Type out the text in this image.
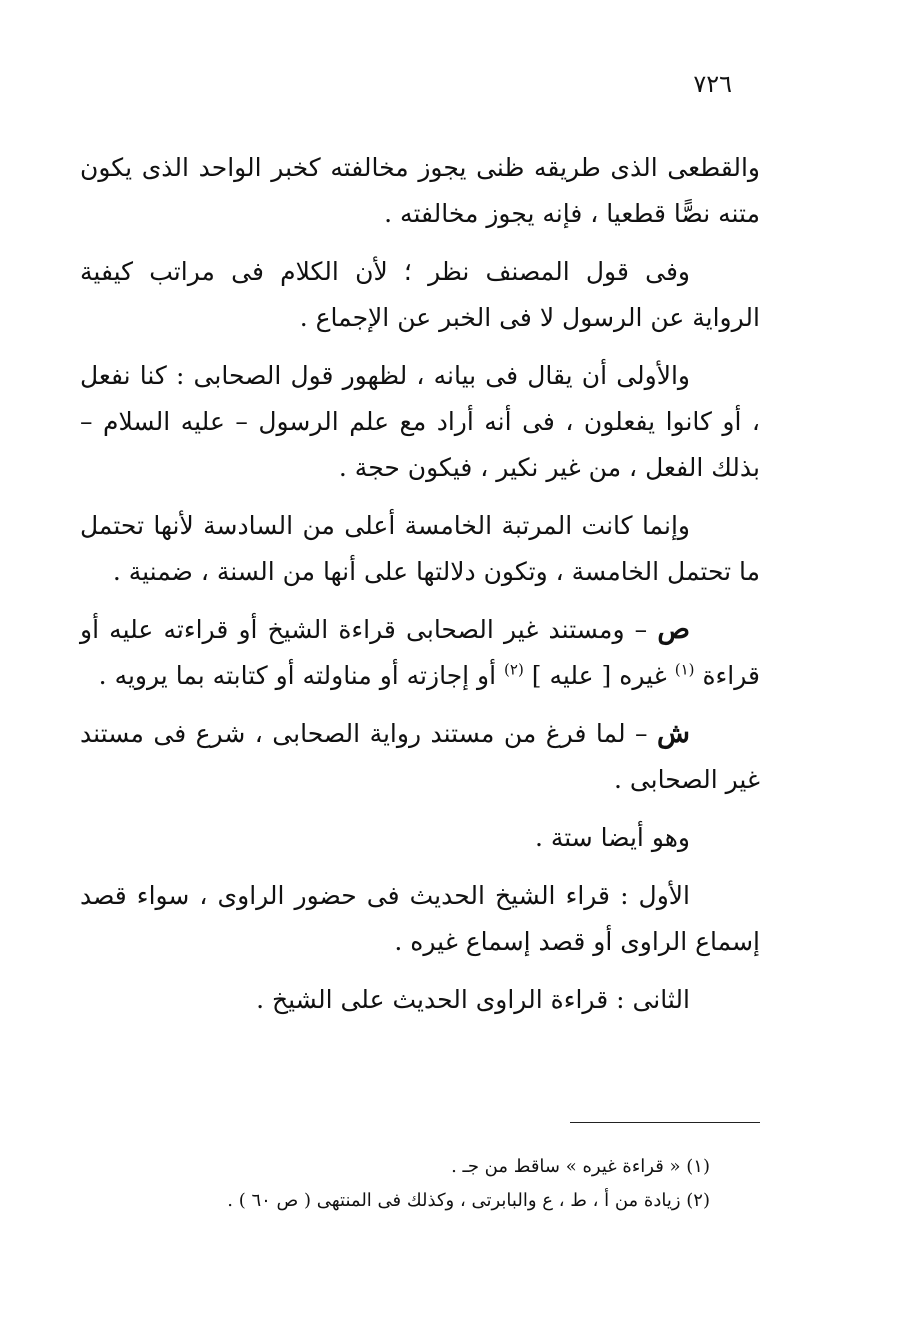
٧٢٦

والقطعى الذى طريقه ظنى يجوز مخالفته كخبر الواحد الذى يكون متنه نصًّا قطعيا ، فإنه يجوز مخالفته .

وفى قول المصنف نظر ؛ لأن الكلام فى مراتب كيفية الرواية عن الرسول لا فى الخبر عن الإجماع .

والأولى أن يقال فى بيانه ، لظهور قول الصحابى : كنا نفعل ، أو كانوا يفعلون ، فى أنه أراد مع علم الرسول – عليه السلام – بذلك الفعل ، من غير نكير ، فيكون حجة .

وإنما كانت المرتبة الخامسة أعلى من السادسة لأنها تحتمل ما تحتمل الخامسة ، وتكون دلالتها على أنها من السنة ، ضمنية .

ص – ومستند غير الصحابى قراءة الشيخ أو قراءته عليه أو قراءة $^{(١)}$ غيره [ عليه ] $^{(٢)}$ أو إجازته أو مناولته أو كتابته بما يرويه .

ش – لما فرغ من مستند رواية الصحابى ، شرع فى مستند غير الصحابى .

وهو أيضا ستة .

الأول : قراء الشيخ الحديث فى حضور الراوى ، سواء قصد إسماع الراوى أو قصد إسماع غيره .

الثانى : قراءة الراوى الحديث على الشيخ .

(١) « قراءة غيره » ساقط من جـ .

(٢) زيادة من أ ، ط ، ع والبابرتى ، وكذلك فى المنتهى ( ص ٦٠ ) .
